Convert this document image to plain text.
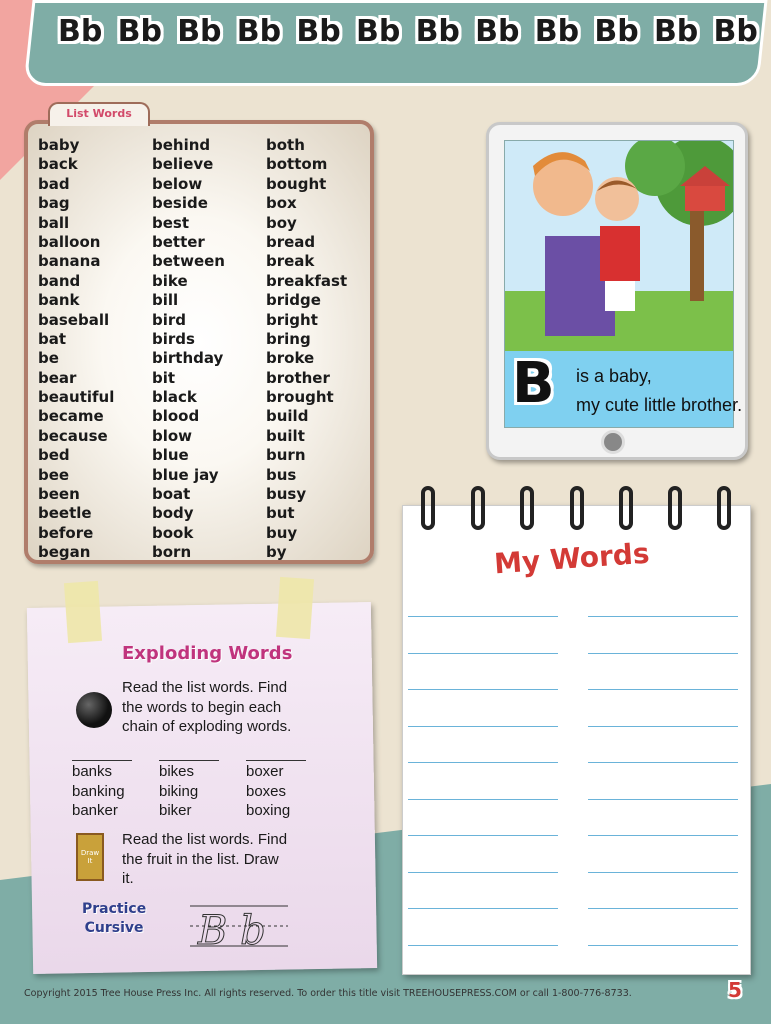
Bb Bb Bb Bb Bb Bb Bb Bb Bb Bb Bb Bb
baby
back
bad
bag
ball
balloon
banana
band
bank
baseball
bat
be
bear
beautiful
became
because
bed
bee
been
beetle
before
began
behind
believe
below
beside
best
better
between
bike
bill
bird
birds
birthday
bit
black
blood
blow
blue
blue jay
boat
body
book
born
both
bottom
bought
box
boy
bread
break
breakfast
bridge
bright
bring
broke
brother
brought
build
built
burn
bus
busy
but
buy
by
List Words
B is a baby,
my cute little brother.
My Words
Exploding Words
Read the list words. Find
the words to begin each
chain of exploding words.
banks
banking
banker
bikes
biking
biker
boxer
boxes
boxing
Draw It
Read the list words. Find
the fruit in the list. Draw
it.
Practice
Cursive B b
Copyright 2015 Tree House Press Inc. All rights reserved. To order this title visit TREEHOUSEPRESS.COM or call 1-800-776-8733.	5
